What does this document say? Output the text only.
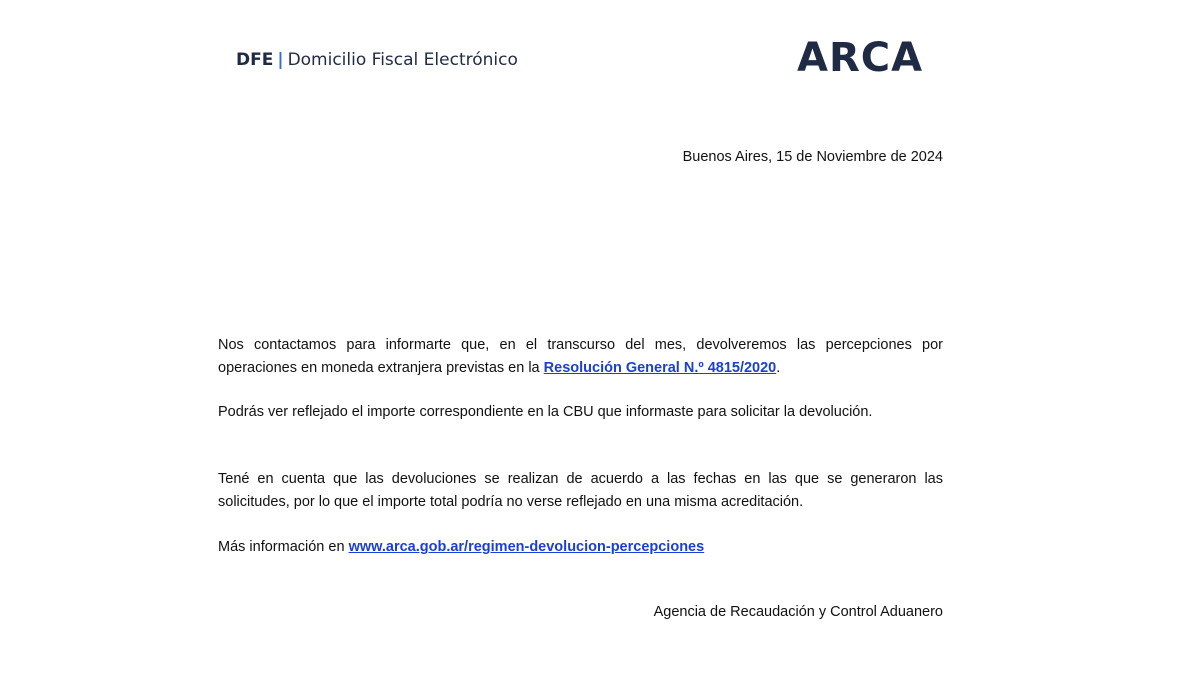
DFE | Domicilio Fiscal Electrónico	ARCA
Buenos Aires, 15 de Noviembre de 2024
Nos contactamos para informarte que, en el transcurso del mes, devolveremos las percepciones por operaciones en moneda extranjera previstas en la Resolución General N.º 4815/2020.
Podrás ver reflejado el importe correspondiente en la CBU que informaste para solicitar la devolución.
Tené en cuenta que las devoluciones se realizan de acuerdo a las fechas en las que se generaron las solicitudes, por lo que el importe total podría no verse reflejado en una misma acreditación.
Más información en www.arca.gob.ar/regimen-devolucion-percepciones
Agencia de Recaudación y Control Aduanero
